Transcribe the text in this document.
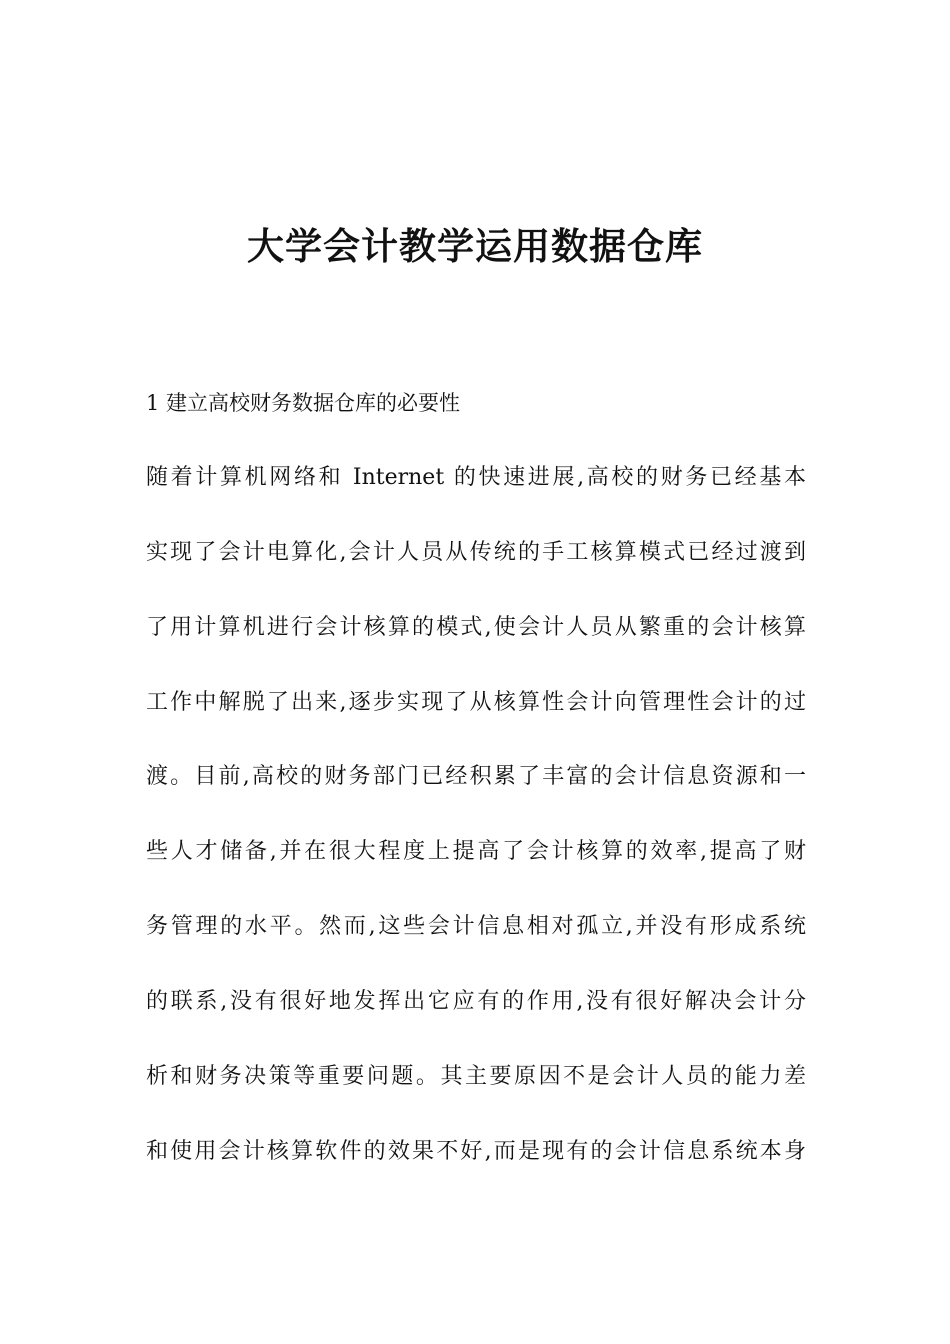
大学会计教学运用数据仓库

1 建立高校财务数据仓库的必要性

随着计算机网络和 Internet 的快速进展,高校的财务已经基本

实现了会计电算化,会计人员从传统的手工核算模式已经过渡到

了用计算机进行会计核算的模式,使会计人员从繁重的会计核算

工作中解脱了出来,逐步实现了从核算性会计向管理性会计的过

渡。目前,高校的财务部门已经积累了丰富的会计信息资源和一

些人才储备,并在很大程度上提高了会计核算的效率,提高了财

务管理的水平。然而,这些会计信息相对孤立,并没有形成系统

的联系,没有很好地发挥出它应有的作用,没有很好解决会计分

析和财务决策等重要问题。其主要原因不是会计人员的能力差

和使用会计核算软件的效果不好,而是现有的会计信息系统本身
